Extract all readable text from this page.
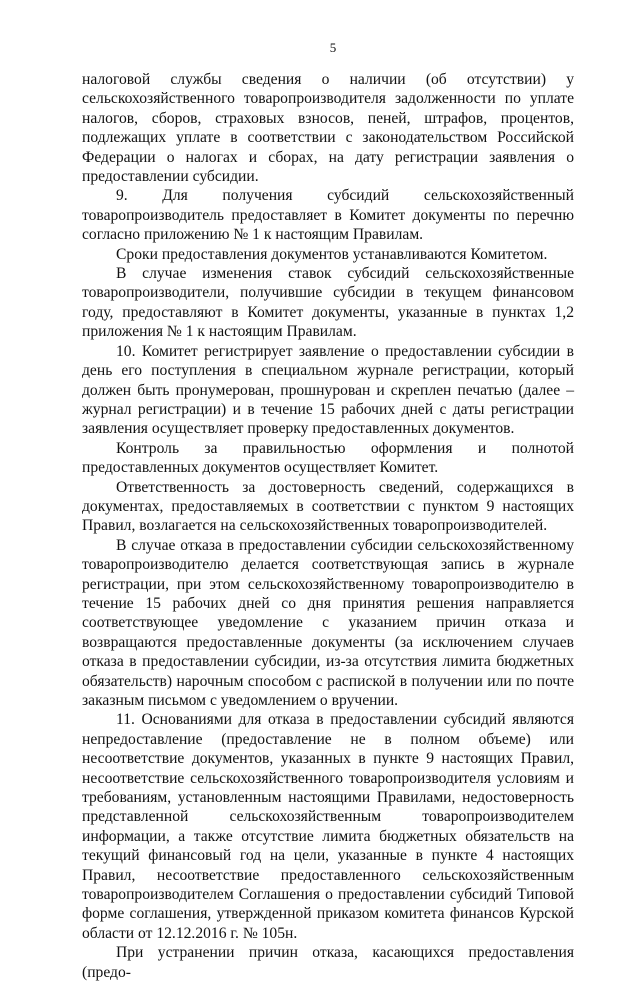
5

налоговой службы сведения о наличии (об отсутствии) у сельскохозяйственного товаропроизводителя задолженности по уплате налогов, сборов, страховых взносов, пеней, штрафов, процентов, подлежащих уплате в соответствии с законодательством Российской Федерации о налогах и сборах, на дату регистрации заявления о предоставлении субсидии.

9. Для получения субсидий сельскохозяйственный товаропроизводитель предоставляет в Комитет документы по перечню согласно приложению № 1 к настоящим Правилам.

Сроки предоставления документов устанавливаются Комитетом.

В случае изменения ставок субсидий сельскохозяйственные товаропроизводители, получившие субсидии в текущем финансовом году, предоставляют в Комитет документы, указанные в пунктах 1,2 приложения № 1 к настоящим Правилам.

10. Комитет регистрирует заявление о предоставлении субсидии в день его поступления в специальном журнале регистрации, который должен быть пронумерован, прошнурован и скреплен печатью (далее – журнал регистрации) и в течение 15 рабочих дней с даты регистрации заявления осуществляет проверку предоставленных документов.

Контроль за правильностью оформления и полнотой предоставленных документов осуществляет Комитет.

Ответственность за достоверность сведений, содержащихся в документах, предоставляемых в соответствии с пунктом 9 настоящих Правил, возлагается на сельскохозяйственных товаропроизводителей.

В случае отказа в предоставлении субсидии сельскохозяйственному товаропроизводителю делается соответствующая запись в журнале регистрации, при этом сельскохозяйственному товаропроизводителю в течение 15 рабочих дней со дня принятия решения направляется соответствующее уведомление с указанием причин отказа и возвращаются предоставленные документы (за исключением случаев отказа в предоставлении субсидии, из-за отсутствия лимита бюджетных обязательств) нарочным способом с распиской в получении или по почте заказным письмом с уведомлением о вручении.

11. Основаниями для отказа в предоставлении субсидий являются непредоставление (предоставление не в полном объеме) или несоответствие документов, указанных в пункте 9 настоящих Правил, несоответствие сельскохозяйственного товаропроизводителя условиям и требованиям, установленным настоящими Правилами, недостоверность представленной сельскохозяйственным товаропроизводителем информации, а также отсутствие лимита бюджетных обязательств на текущий финансовый год на цели, указанные в пункте 4 настоящих Правил, несоответствие предоставленного сельскохозяйственным товаропроизводителем Соглашения о предоставлении субсидий Типовой форме соглашения, утвержденной приказом комитета финансов Курской области от 12.12.2016 г. № 105н.

При устранении причин отказа, касающихся предоставления (предо-
